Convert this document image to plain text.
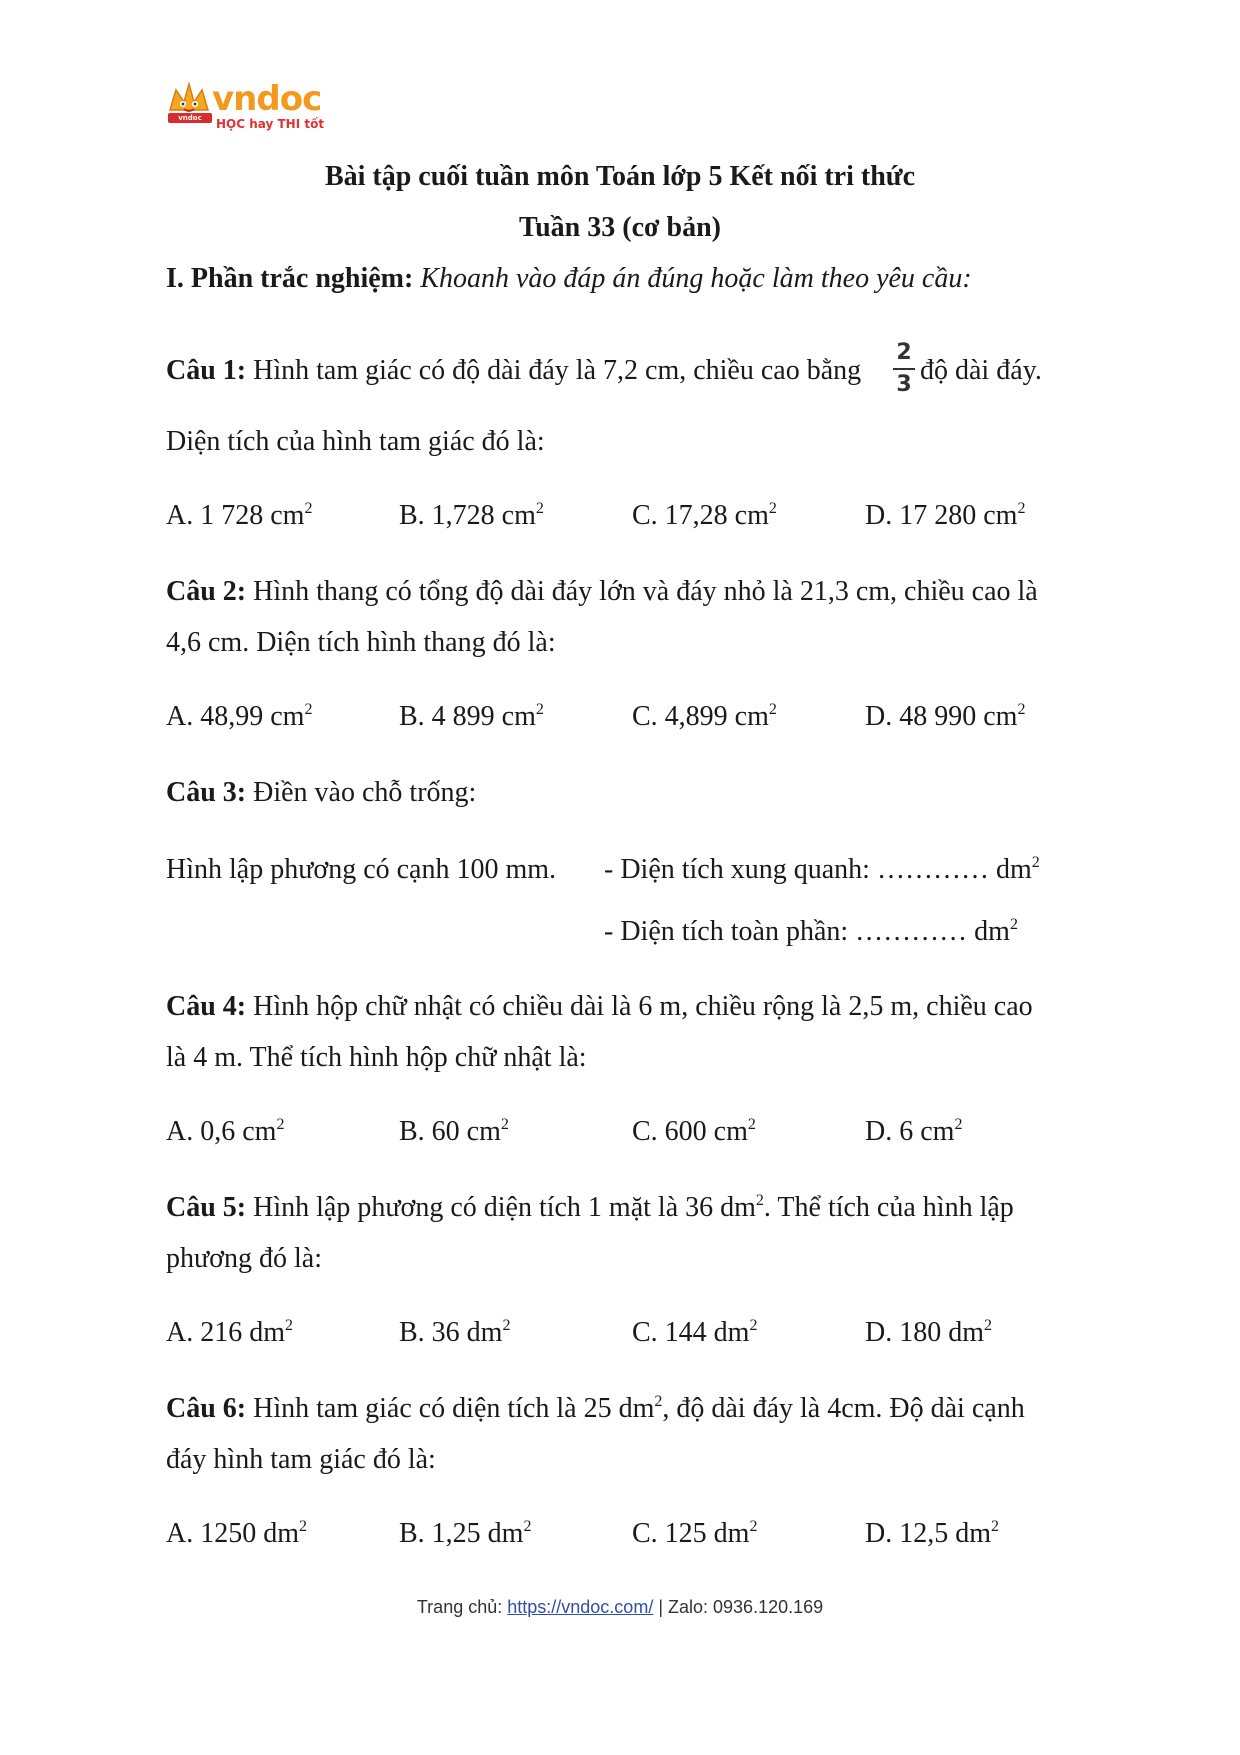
vndoc vndoc
HỌC hay THI tốt
Bài tập cuối tuần môn Toán lớp 5 Kết nối tri thức
Tuần 33 (cơ bản)
I. Phần trắc nghiệm: Khoanh vào đáp án đúng hoặc làm theo yêu cầu:
Câu 1: Hình tam giác có độ dài đáy là 7,2 cm, chiều cao bằng
2
3 độ dài đáy.
Diện tích của hình tam giác đó là:
A. 1 728 $cm^2$	B. 1,728 $cm^2$	C. 17,28 $cm^2$	D. 17 280 $cm^2$
Câu 2: Hình thang có tổng độ dài đáy lớn và đáy nhỏ là 21,3 cm, chiều cao là
4,6 cm. Diện tích hình thang đó là:
A. 48,99 $cm^2$	B. 4 899 $cm^2$	C. 4,899 $cm^2$	D. 48 990 $cm^2$
Câu 3: Điền vào chỗ trống:
Hình lập phương có cạnh 100 mm. - Diện tích xung quanh: ………… $dm^2$
- Diện tích toàn phần: ………… $dm^2$
Câu 4: Hình hộp chữ nhật có chiều dài là 6 m, chiều rộng là 2,5 m, chiều cao
là 4 m. Thể tích hình hộp chữ nhật là:
A. 0,6 $cm^2$	B. 60 $cm^2$	C. 600 $cm^2$	D. 6 $cm^2$
Câu 5: Hình lập phương có diện tích 1 mặt là 36 $dm^2$. Thể tích của hình lập
phương đó là:
A. 216 $dm^2$	B. 36 $dm^2$	C. 144 $dm^2$	D. 180 $dm^2$
Câu 6: Hình tam giác có diện tích là 25 $dm^2$, độ dài đáy là 4cm. Độ dài cạnh
đáy hình tam giác đó là:
A. 1250 $dm^2$	B. 1,25 $dm^2$	C. 125 $dm^2$	D. 12,5 $dm^2$
Trang chủ: https://vndoc.com/ | Zalo: 0936.120.169
